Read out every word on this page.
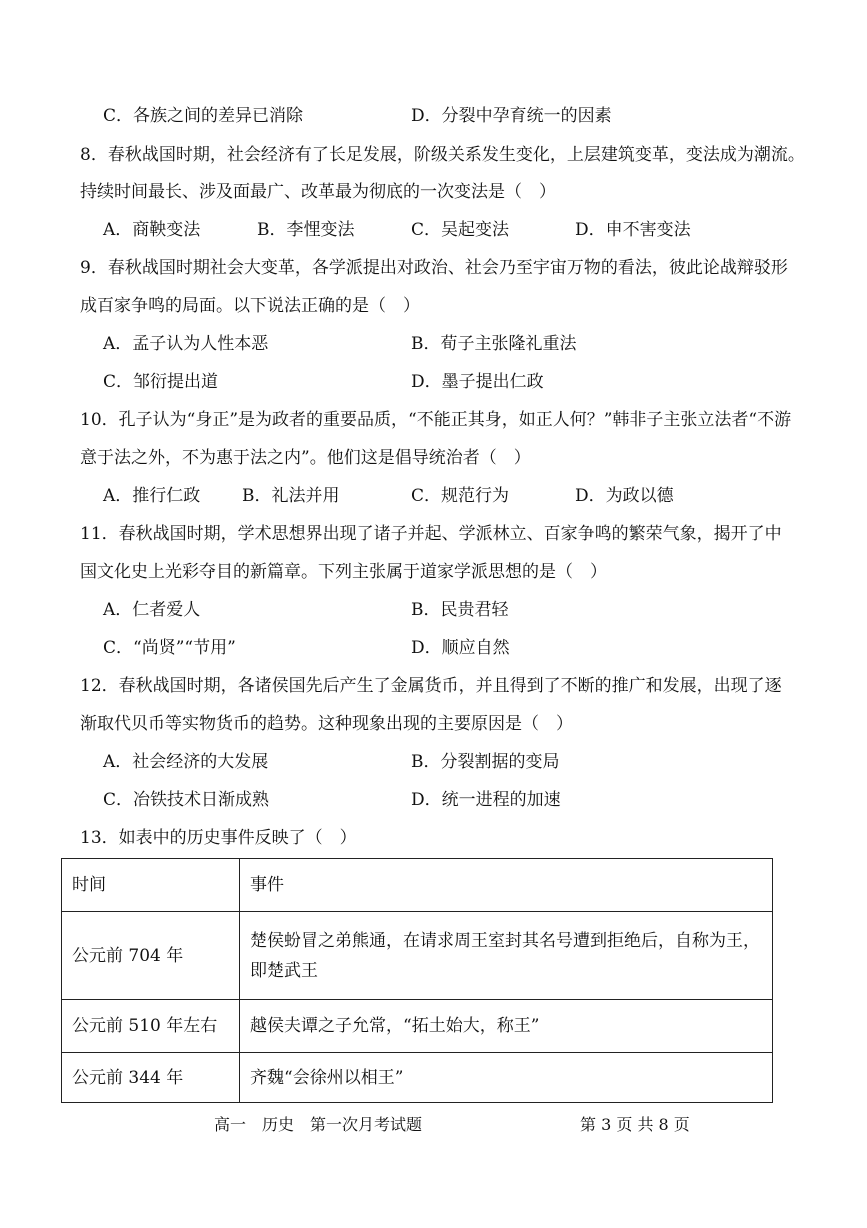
C．各族之间的差异已消除	D．分裂中孕育统一的因素
8．春秋战国时期，社会经济有了长足发展，阶级关系发生变化，上层建筑变革，变法成为潮流。
持续时间最长、涉及面最广、改革最为彻底的一次变法是（　）
A．商鞅变法	B．李悝变法	C．吴起变法	D．申不害变法
9．春秋战国时期社会大变革，各学派提出对政治、社会乃至宇宙万物的看法，彼此论战辩驳形
成百家争鸣的局面。以下说法正确的是（　）
A．孟子认为人性本恶	B．荀子主张隆礼重法
C．邹衍提出道	D．墨子提出仁政
10．孔子认为“身正”是为政者的重要品质，“不能正其身，如正人何？”韩非子主张立法者“不游
意于法之外，不为惠于法之内”。他们这是倡导统治者（　）
A．推行仁政 B．礼法并用	C．规范行为	D．为政以德
11．春秋战国时期，学术思想界出现了诸子并起、学派林立、百家争鸣的繁荣气象，揭开了中
国文化史上光彩夺目的新篇章。下列主张属于道家学派思想的是（　）
A．仁者爱人	B．民贵君轻
C．“尚贤”“节用”	D．顺应自然
12．春秋战国时期，各诸侯国先后产生了金属货币，并且得到了不断的推广和发展，出现了逐
渐取代贝币等实物货币的趋势。这种现象出现的主要原因是（　）
A．社会经济的大发展	B．分裂割据的变局
C．冶铁技术日渐成熟	D．统一进程的加速
13．如表中的历史事件反映了（　）
时间	事件
公元前 704 年	楚侯蚡冒之弟熊通，在请求周王室封其名号遭到拒绝后，自称为王，
即楚武王

公元前 510 年左右	越侯夫谭之子允常，“拓土始大，称王”
公元前 344 年	齐魏“会徐州以相王”
高一　历史　第一次月考试题	第 3 页 共 8 页
